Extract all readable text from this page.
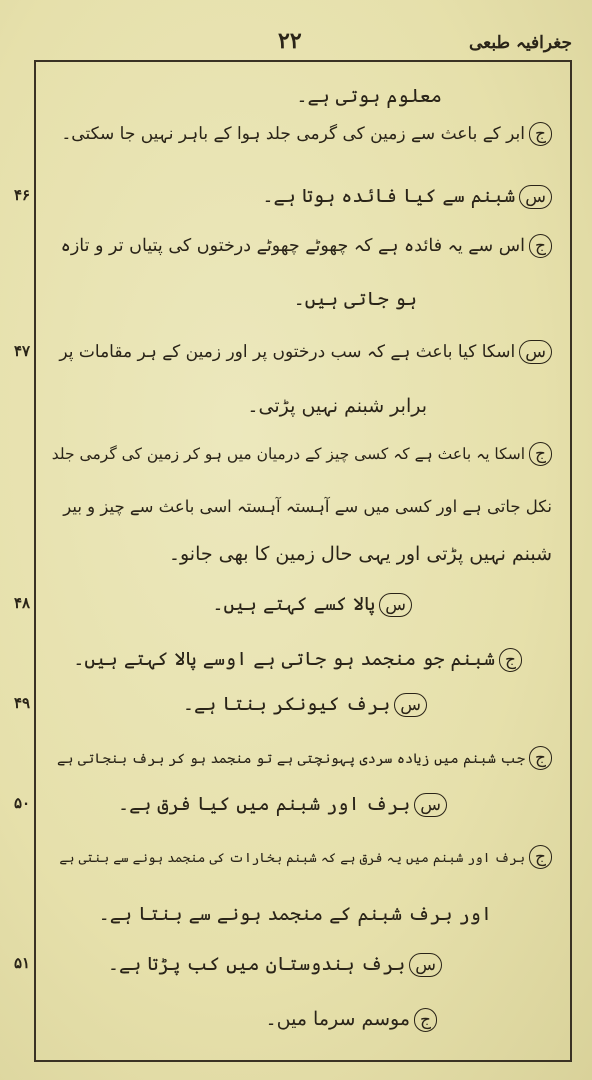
جغرافیہ طبعی
۲۲
معلوم ہوتی ہے۔
جابر کے باعث سے زمین کی گرمی جلد ہوا کے باہر نہیں جا سکتی۔
سشبنم سے کیا فائدہ ہوتا ہے۔
۴۶
جاس سے یہ فائدہ ہے کہ چھوٹے چھوٹے درختوں کی پتیاں تر و تازہ
ہو جاتی ہیں۔
ساسکا کیا باعث ہے کہ سب درختوں پر اور زمین کے ہر مقامات پر
۴۷
برابر شبنم نہیں پڑتی۔
جاسکا یہ باعث ہے کہ کسی چیز کے درمیان میں ہو کر زمین کی گرمی جلد
نکل جاتی ہے اور کسی میں سے آہستہ آہستہ اسی باعث سے چیز و بیر
شبنم نہیں پڑتی اور یہی حال زمین کا بھی جانو۔
سپالا کسے کہتے ہیں۔
۴۸
جشبنم جو منجمد ہو جاتی ہے اوسے پالا کہتے ہیں۔
سبرف کیونکر بنتا ہے۔
۴۹
ججب شبنم میں زیادہ سردی پہونچتی ہے تو منجمد ہو کر برف بنجاتی ہے
سبرف اور شبنم میں کیا فرق ہے۔
۵۰
جبرف اور شبنم میں یہ فرق ہے کہ شبنم بخارات کی منجمد ہونے سے بنتی ہے
اور برف شبنم کے منجمد ہونے سے بنتا ہے۔
سبرف ہندوستان میں کب پڑتا ہے۔
۵۱
جموسم سرما میں۔
